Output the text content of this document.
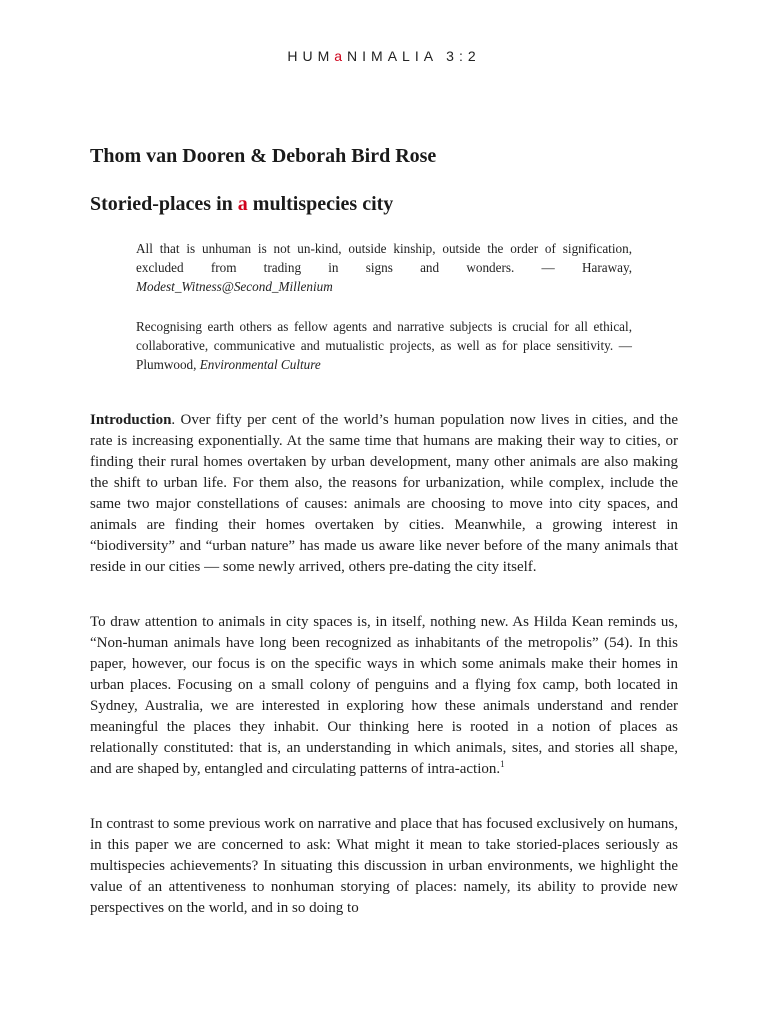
HUMaNIMALIA 3:2
Thom van Dooren & Deborah Bird Rose
Storied-places in a multispecies city
All that is unhuman is not un-kind, outside kinship, outside the order of signification, excluded from trading in signs and wonders. — Haraway, Modest_Witness@Second_Millenium
Recognising earth others as fellow agents and narrative subjects is crucial for all ethical, collaborative, communicative and mutualistic projects, as well as for place sensitivity. — Plumwood, Environmental Culture
Introduction. Over fifty per cent of the world’s human population now lives in cities, and the rate is increasing exponentially. At the same time that humans are making their way to cities, or finding their rural homes overtaken by urban development, many other animals are also making the shift to urban life. For them also, the reasons for urbanization, while complex, include the same two major constellations of causes: animals are choosing to move into city spaces, and animals are finding their homes overtaken by cities. Meanwhile, a growing interest in “biodiversity” and “urban nature” has made us aware like never before of the many animals that reside in our cities — some newly arrived, others pre-dating the city itself.
To draw attention to animals in city spaces is, in itself, nothing new. As Hilda Kean reminds us, “Non-human animals have long been recognized as inhabitants of the metropolis” (54). In this paper, however, our focus is on the specific ways in which some animals make their homes in urban places. Focusing on a small colony of penguins and a flying fox camp, both located in Sydney, Australia, we are interested in exploring how these animals understand and render meaningful the places they inhabit. Our thinking here is rooted in a notion of places as relationally constituted: that is, an understanding in which animals, sites, and stories all shape, and are shaped by, entangled and circulating patterns of intra-action.$^1$
In contrast to some previous work on narrative and place that has focused exclusively on humans, in this paper we are concerned to ask: What might it mean to take storied-places seriously as multispecies achievements? In situating this discussion in urban environments, we highlight the value of an attentiveness to nonhuman storying of places: namely, its ability to provide new perspectives on the world, and in so doing to
